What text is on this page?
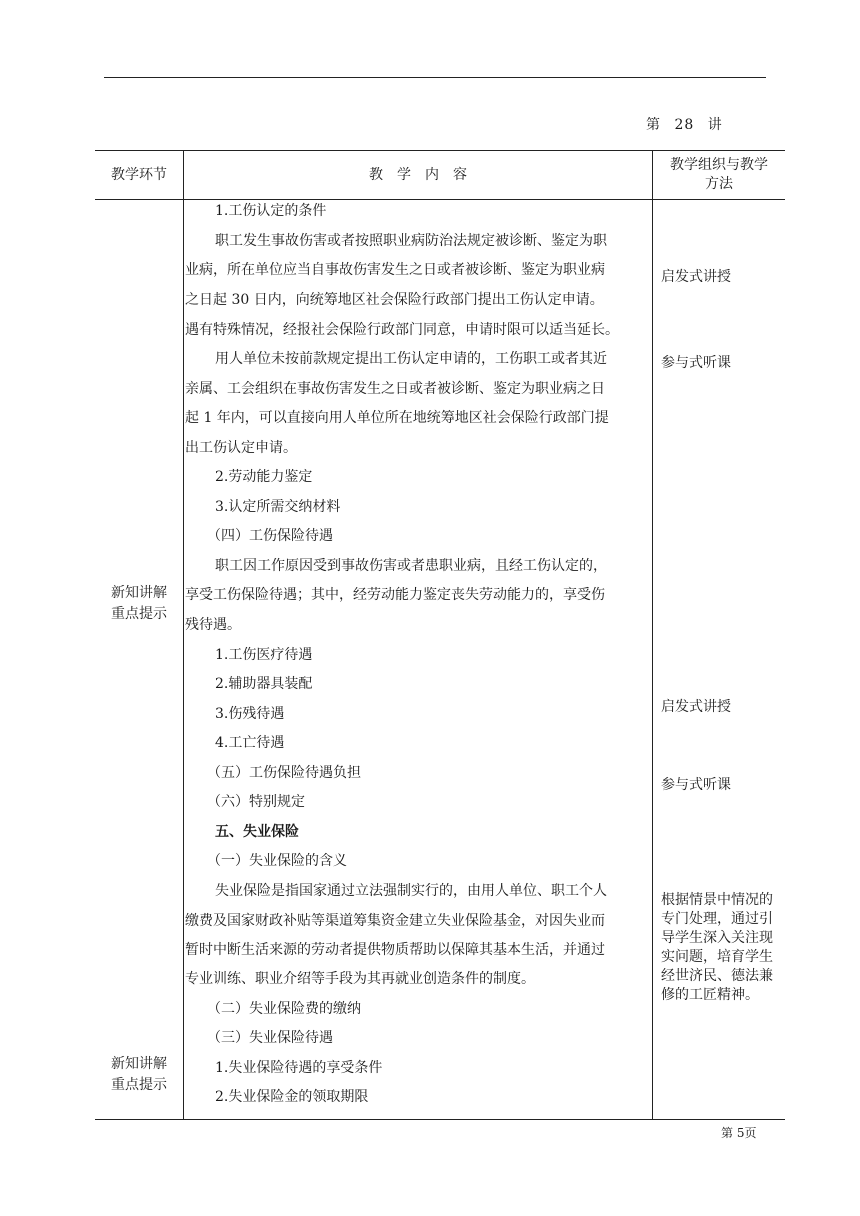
第 28 讲
教学环节	教　学　内　容
教学组织与教学方法
新知讲解
重点提示
新知讲解
重点提示
1.工伤认定的条件
职工发生事故伤害或者按照职业病防治法规定被诊断、鉴定为职
业病，所在单位应当自事故伤害发生之日或者被诊断、鉴定为职业病
之日起 30 日内，向统筹地区社会保险行政部门提出工伤认定申请。
遇有特殊情况，经报社会保险行政部门同意，申请时限可以适当延长。
用人单位未按前款规定提出工伤认定申请的，工伤职工或者其近
亲属、工会组织在事故伤害发生之日或者被诊断、鉴定为职业病之日
起 1 年内，可以直接向用人单位所在地统筹地区社会保险行政部门提
出工伤认定申请。
2.劳动能力鉴定
3.认定所需交纳材料
（四）工伤保险待遇
职工因工作原因受到事故伤害或者患职业病，且经工伤认定的，
享受工伤保险待遇；其中，经劳动能力鉴定丧失劳动能力的，享受伤
残待遇。
1.工伤医疗待遇
2.辅助器具装配
3.伤残待遇
4.工亡待遇
（五）工伤保险待遇负担
（六）特别规定
五、失业保险
（一）失业保险的含义
失业保险是指国家通过立法强制实行的，由用人单位、职工个人
缴费及国家财政补贴等渠道筹集资金建立失业保险基金，对因失业而
暂时中断生活来源的劳动者提供物质帮助以保障其基本生活，并通过
专业训练、职业介绍等手段为其再就业创造条件的制度。
（二）失业保险费的缴纳
（三）失业保险待遇
1.失业保险待遇的享受条件
2.失业保险金的领取期限
启发式讲授
参与式听课
启发式讲授
参与式听课
根据情景中情况的专门处理，通过引导学生深入关注现实问题，培育学生经世济民、德法兼修的工匠精神。
第 5页
